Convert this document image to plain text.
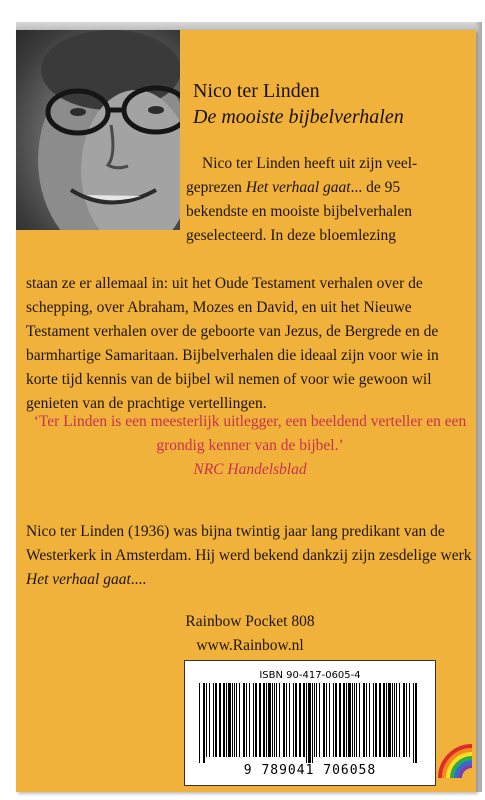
Nico ter Linden
De mooiste bijbelverhalen
Nico ter Linden heeft uit zijn veel-
geprezen Het verhaal gaat... de 95
bekendste en mooiste bijbelverhalen
geselecteerd. In deze bloemlezing
staan ze er allemaal in: uit het Oude Testament verhalen over de schepping, over Abraham, Mozes en David, en uit het Nieuwe Testament verhalen over de geboorte van Jezus, de Bergrede en de barmhartige Samaritaan. Bijbelverhalen die ideaal zijn voor wie in korte tijd kennis van de bijbel wil nemen of voor wie gewoon wil genieten van de prachtige vertellingen.
‘Ter Linden is een meesterlijk uitlegger, een beeldend verteller en een grondig kenner van de bijbel.’
NRC Handelsblad
Nico ter Linden (1936) was bijna twintig jaar lang predikant van de Westerkerk in Amsterdam. Hij werd bekend dankzij zijn zesdelige werk Het verhaal gaat....
Rainbow Pocket 808
www.Rainbow.nl
ISBN 90-417-0605-4
9 789041 706058
